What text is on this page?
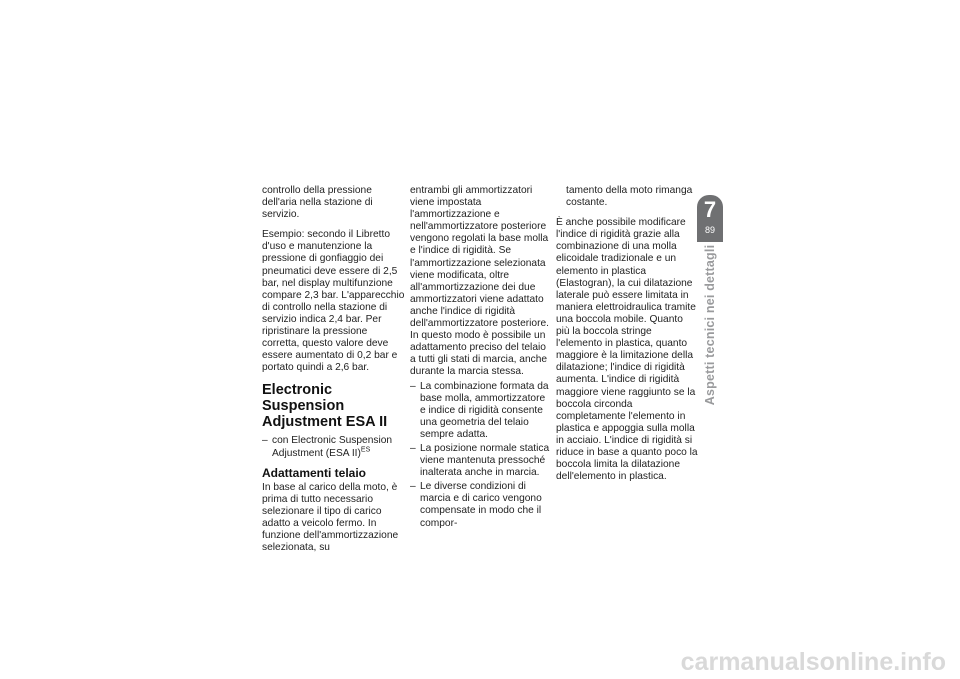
controllo della pressione dell'aria nella stazione di servizio.

Esempio: secondo il Libretto d'uso e manutenzione la pressione di gonfiaggio dei pneumatici deve essere di 2,5 bar, nel display multifunzione compare 2,3 bar. L'apparecchio di controllo nella stazione di servizio indica 2,4 bar. Per ripristinare la pressione corretta, questo valore deve essere aumentato di 0,2 bar e portato quindi a 2,6 bar.

Electronic Suspension Adjustment ESA II
– con Electronic Suspension Adjustment (ESA II)$^{ES}$
Adattamenti telaio

In base al carico della moto, è prima di tutto necessario selezionare il tipo di carico adatto a veicolo fermo. In funzione dell'ammortizzazione selezionata, su

entrambi gli ammortizzatori viene impostata l'ammortizzazione e nell'ammortizzatore posteriore vengono regolati la base molla e l'indice di rigidità. Se l'ammortizzazione selezionata viene modificata, oltre all'ammortizzazione dei due ammortizzatori viene adattato anche l'indice di rigidità dell'ammortizzatore posteriore. In questo modo è possibile un adattamento preciso del telaio a tutti gli stati di marcia, anche durante la marcia stessa.

– La combinazione formata da base molla, ammortizzatore e indice di rigidità consente una geometria del telaio sempre adatta.
– La posizione normale statica viene mantenuta pressoché inalterata anche in marcia.
– Le diverse condizioni di marcia e di carico vengono compensate in modo che il compor-

tamento della moto rimanga costante.

È anche possibile modificare l'indice di rigidità grazie alla combinazione di una molla elicoidale tradizionale e un elemento in plastica (Elastogran), la cui dilatazione laterale può essere limitata in maniera elettroidraulica tramite una boccola mobile. Quanto più la boccola stringe l'elemento in plastica, quanto maggiore è la limitazione della dilatazione; l'indice di rigidità aumenta. L'indice di rigidità maggiore viene raggiunto se la boccola circonda completamente l'elemento in plastica e appoggia sulla molla in acciaio. L'indice di rigidità si riduce in base a quanto poco la boccola limita la dilatazione dell'elemento in plastica.

7
89
Aspetti tecnici nei dettagli
carmanualsonline.info
